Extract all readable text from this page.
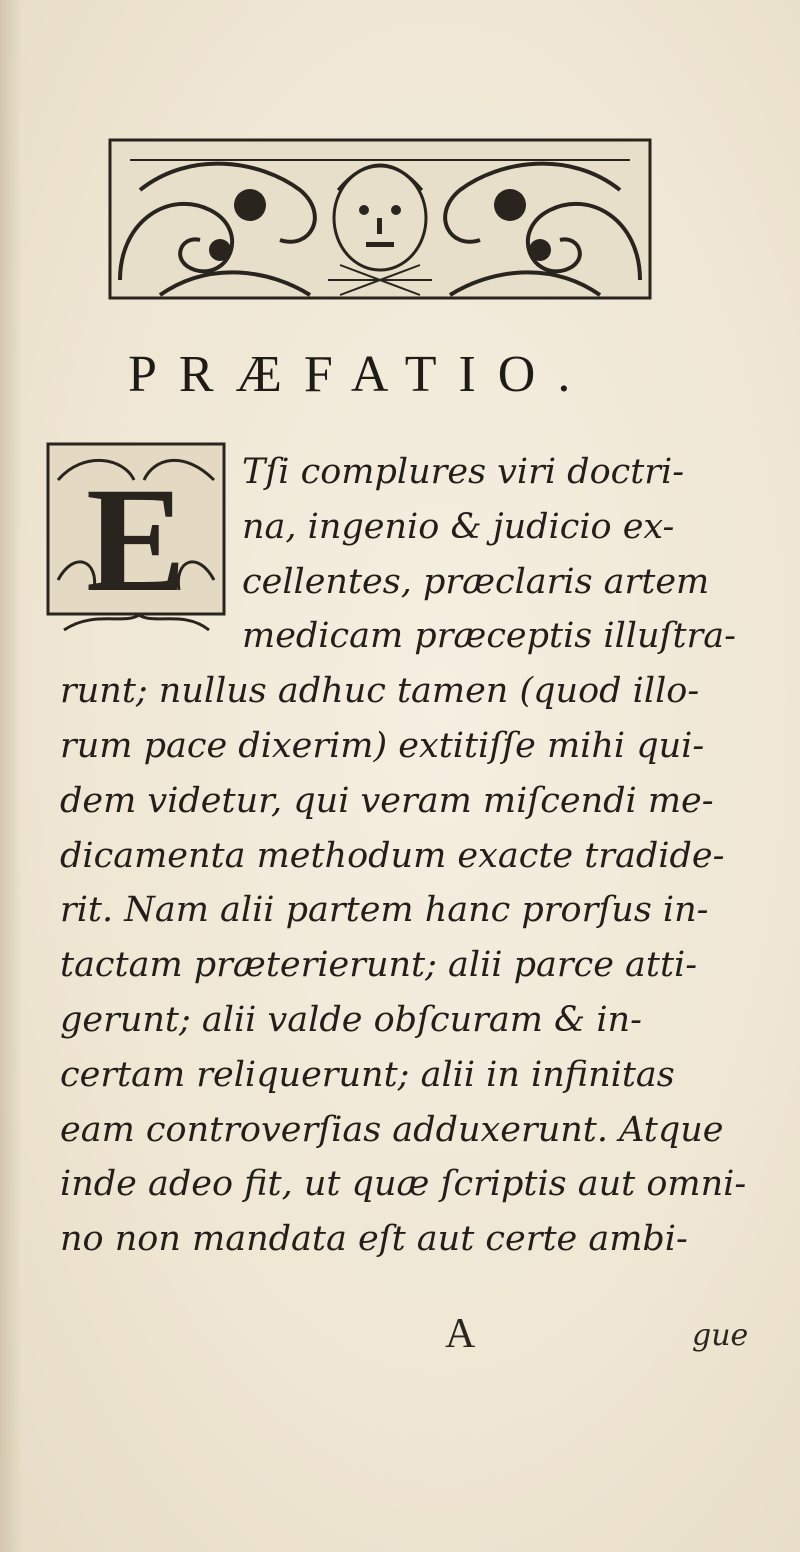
PRÆFATIO.
E	Tſi complures viri doctri-
na, ingenio & judicio ex-
cellentes, præclaris artem
medicam præceptis illuſtra-
runt; nullus adhuc tamen (quod illo-
rum pace dixerim) extitiſſe mihi qui-
dem videtur, qui veram miſcendi me-
dicamenta methodum exacte tradide-
rit. Nam alii partem hanc prorſus in-
tactam præterierunt; alii parce atti-
gerunt; alii valde obſcuram & in-
certam reliquerunt; alii in infinitas
eam controverſias adduxerunt. Atque
inde adeo fit, ut quæ ſcriptis aut omni-
no non mandata eſt aut certe ambi-
A	gue
